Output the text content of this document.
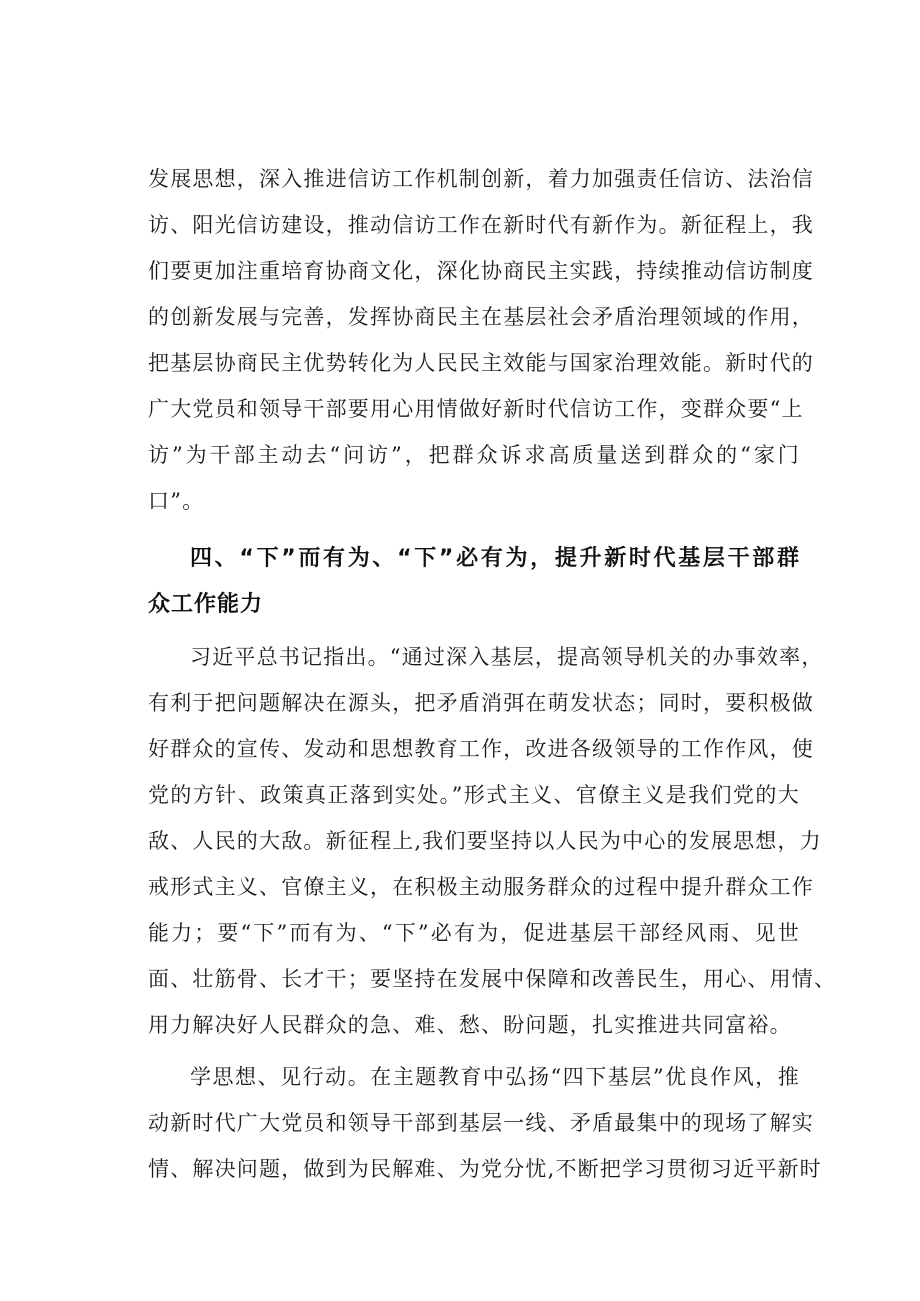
发展思想，深入推进信访工作机制创新，着力加强责任信访、法治信
访、阳光信访建设，推动信访工作在新时代有新作为。新征程上，我
们要更加注重培育协商文化，深化协商民主实践，持续推动信访制度
的创新发展与完善，发挥协商民主在基层社会矛盾治理领域的作用，
把基层协商民主优势转化为人民民主效能与国家治理效能。新时代的
广大党员和领导干部要用心用情做好新时代信访工作，变群众要“上
访”为干部主动去“问访”，把群众诉求高质量送到群众的“家门
口”。
四、“下”而有为、“下”必有为，提升新时代基层干部群
众工作能力
习近平总书记指出。“通过深入基层，提高领导机关的办事效率，
有利于把问题解决在源头，把矛盾消弭在萌发状态；同时，要积极做
好群众的宣传、发动和思想教育工作，改进各级领导的工作作风，使
党的方针、政策真正落到实处。”形式主义、官僚主义是我们党的大
敌、人民的大敌。新征程上,我们要坚持以人民为中心的发展思想，力
戒形式主义、官僚主义，在积极主动服务群众的过程中提升群众工作
能力；要“下”而有为、“下”必有为，促进基层干部经风雨、见世
面、壮筋骨、长才干；要坚持在发展中保障和改善民生，用心、用情、
用力解决好人民群众的急、难、愁、盼问题，扎实推进共同富裕。
学思想、见行动。在主题教育中弘扬“四下基层”优良作风，推
动新时代广大党员和领导干部到基层一线、矛盾最集中的现场了解实
情、解决问题，做到为民解难、为党分忧,不断把学习贯彻习近平新时
